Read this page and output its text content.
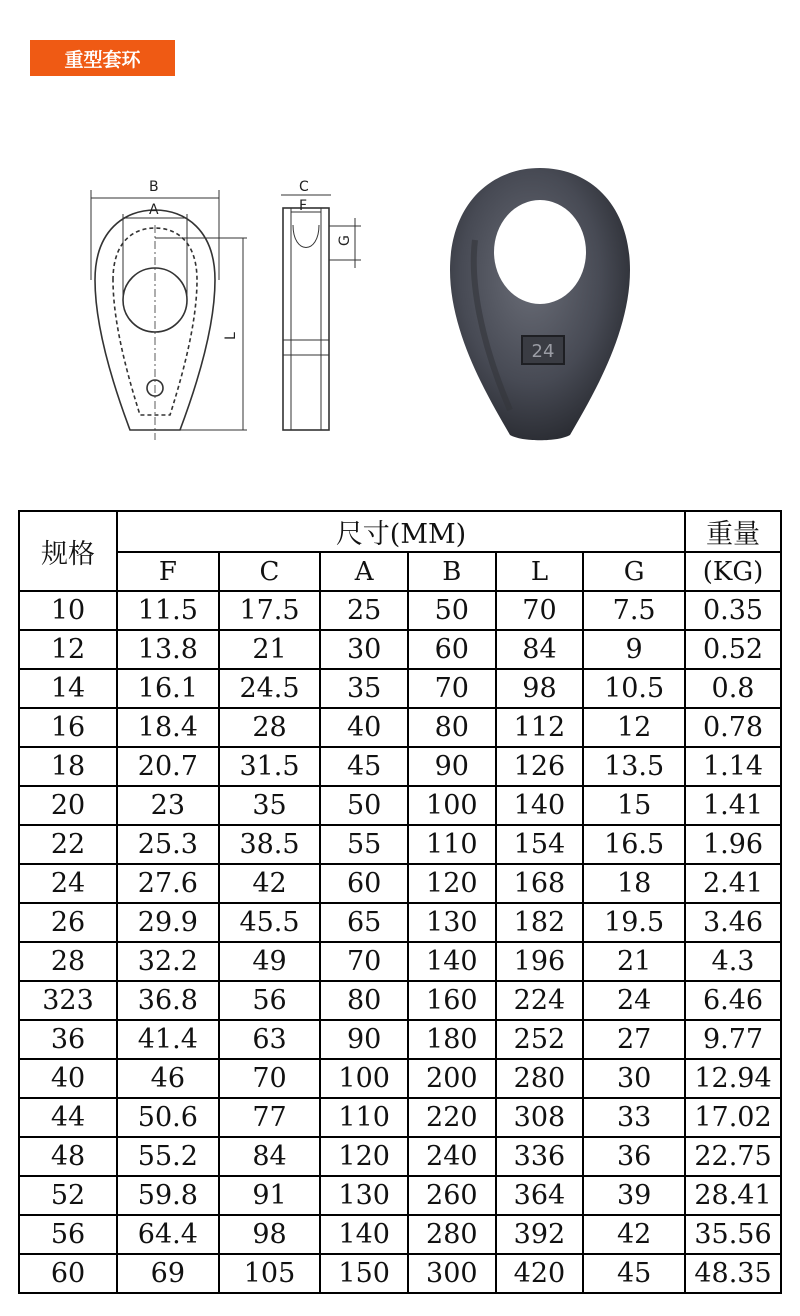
重型套环
B
A
L
C
F
G
24
规格	尺寸(MM)						重量
	F	C	A	B	L	G	(KG)
10	11.5	17.5	25	50	70	7.5	0.35
12	13.8	21	30	60	84	9	0.52
14	16.1	24.5	35	70	98	10.5	0.8
16	18.4	28	40	80	112	12	0.78
18	20.7	31.5	45	90	126	13.5	1.14
20	23	35	50	100	140	15	1.41
22	25.3	38.5	55	110	154	16.5	1.96
24	27.6	42	60	120	168	18	2.41
26	29.9	45.5	65	130	182	19.5	3.46
28	32.2	49	70	140	196	21	4.3
323	36.8	56	80	160	224	24	6.46
36	41.4	63	90	180	252	27	9.77
40	46	70	100	200	280	30	12.94
44	50.6	77	110	220	308	33	17.02
48	55.2	84	120	240	336	36	22.75
52	59.8	91	130	260	364	39	28.41
56	64.4	98	140	280	392	42	35.56
60	69	105	150	300	420	45	48.35
